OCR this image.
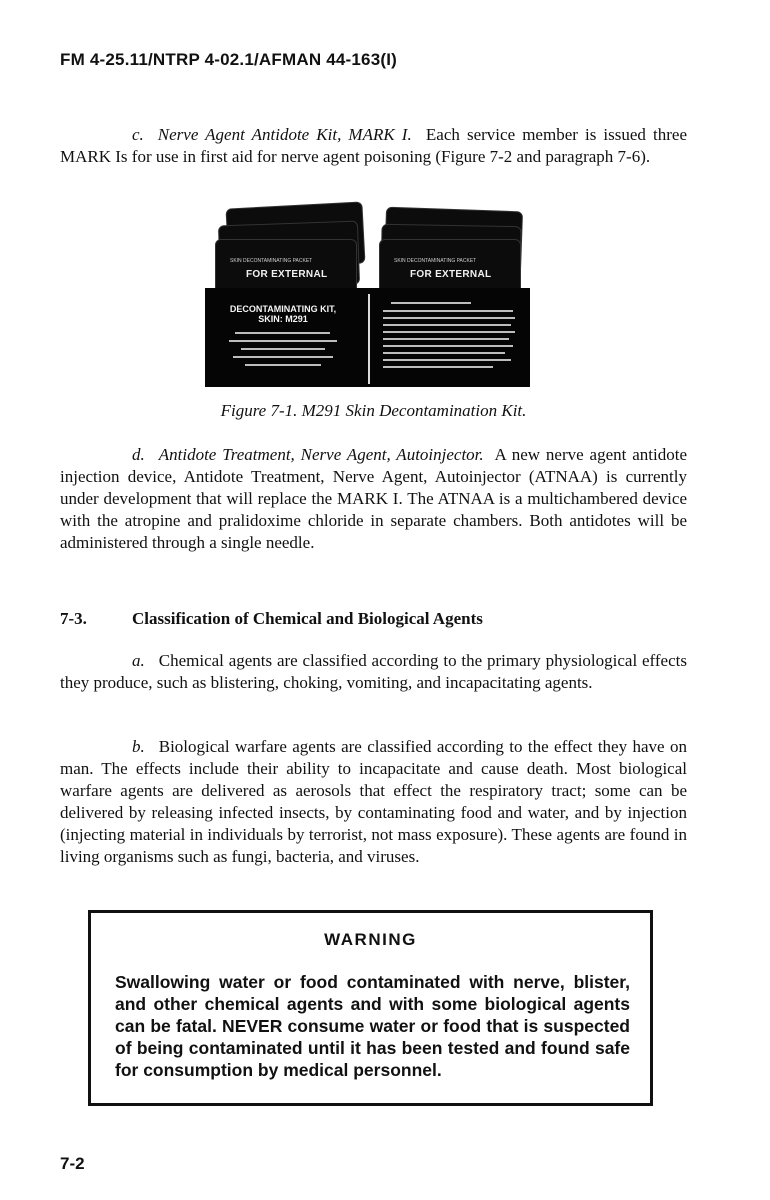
FM 4-25.11/NTRP 4-02.1/AFMAN 44-163(I)

c. Nerve Agent Antidote Kit, MARK I. Each service member is issued three MARK Is for use in first aid for nerve agent poisoning (Figure 7-2 and paragraph 7-6).

FOR EXTERNAL
SKIN DECONTAMINATING PACKET
FOR EXTERNAL
SKIN DECONTAMINATING PACKET
DECONTAMINATING KIT,
SKIN: M291
Figure 7-1. M291 Skin Decontamination Kit.

d. Antidote Treatment, Nerve Agent, Autoinjector. A new nerve agent antidote injection device, Antidote Treatment, Nerve Agent, Autoinjector (ATNAA) is currently under development that will replace the MARK I. The ATNAA is a multichambered device with the atropine and pralidoxime chloride in separate chambers. Both antidotes will be administered through a single needle.

7-3.	Classification of Chemical and Biological Agents

a. Chemical agents are classified according to the primary physiological effects they produce, such as blistering, choking, vomiting, and incapacitating agents.

b. Biological warfare agents are classified according to the effect they have on man. The effects include their ability to incapacitate and cause death. Most biological warfare agents are delivered as aerosols that effect the respiratory tract; some can be delivered by releasing infected insects, by contaminating food and water, and by injection (injecting material in individuals by terrorist, not mass exposure). These agents are found in living organisms such as fungi, bacteria, and viruses.

WARNING

Swallowing water or food contaminated with nerve, blister, and other chemical agents and with some biological agents can be fatal. NEVER consume water or food that is suspected of being contaminated until it has been tested and found safe for consumption by medical personnel.

7-2
